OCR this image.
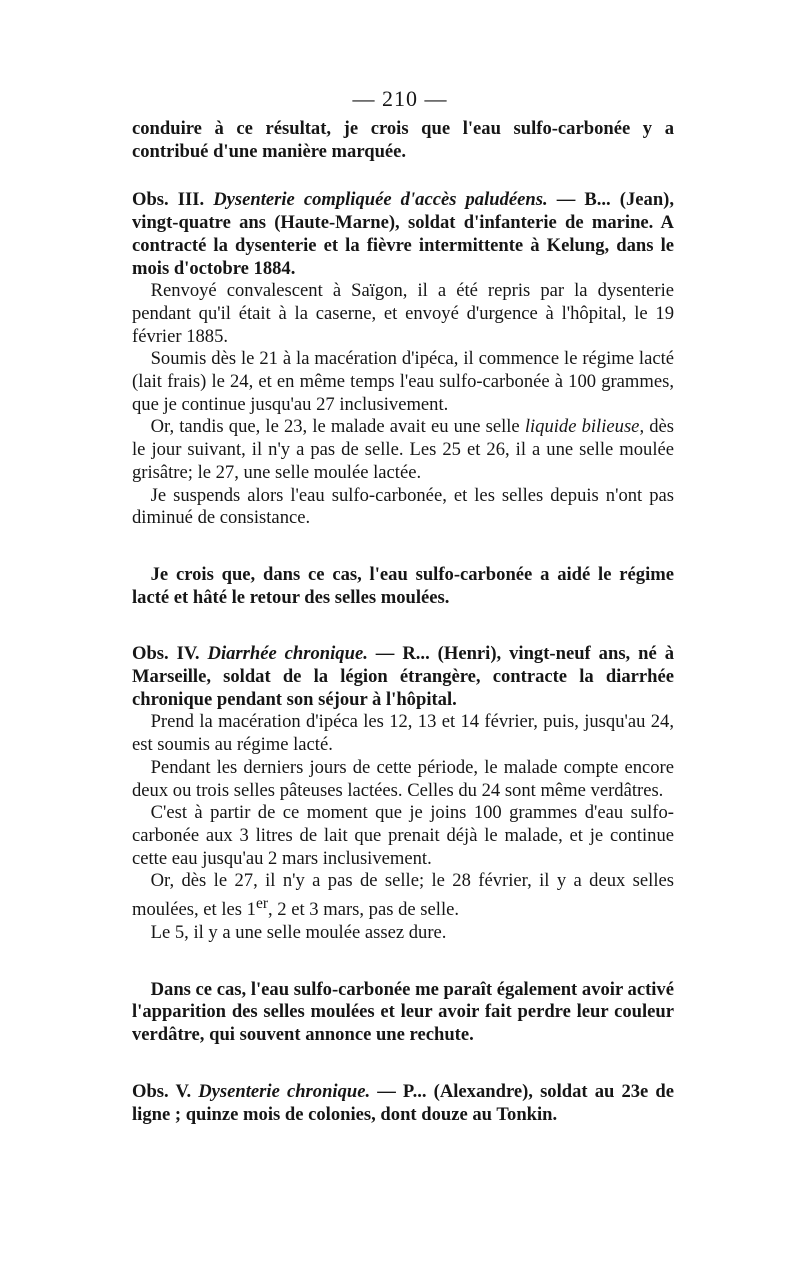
— 210 —

conduire à ce résultat, je crois que l'eau sulfo-carbonée y a contribué d'une manière marquée.

Obs. III. Dysenterie compliquée d'accès paludéens. — B... (Jean), vingt-quatre ans (Haute-Marne), soldat d'infanterie de marine. A contracté la dysenterie et la fièvre intermittente à Kelung, dans le mois d'octobre 1884.

Renvoyé convalescent à Saïgon, il a été repris par la dysenterie pendant qu'il était à la caserne, et envoyé d'urgence à l'hôpital, le 19 février 1885.

Soumis dès le 21 à la macération d'ipéca, il commence le régime lacté (lait frais) le 24, et en même temps l'eau sulfo-carbonée à 100 grammes, que je continue jusqu'au 27 inclusivement.

Or, tandis que, le 23, le malade avait eu une selle liquide bilieuse, dès le jour suivant, il n'y a pas de selle. Les 25 et 26, il a une selle moulée grisâtre; le 27, une selle moulée lactée.

Je suspends alors l'eau sulfo-carbonée, et les selles depuis n'ont pas diminué de consistance.

Je crois que, dans ce cas, l'eau sulfo-carbonée a aidé le régime lacté et hâté le retour des selles moulées.

Obs. IV. Diarrhée chronique. — R... (Henri), vingt-neuf ans, né à Marseille, soldat de la légion étrangère, contracte la diarrhée chronique pendant son séjour à l'hôpital.

Prend la macération d'ipéca les 12, 13 et 14 février, puis, jusqu'au 24, est soumis au régime lacté.

Pendant les derniers jours de cette période, le malade compte encore deux ou trois selles pâteuses lactées. Celles du 24 sont même verdâtres.

C'est à partir de ce moment que je joins 100 grammes d'eau sulfo-carbonée aux 3 litres de lait que prenait déjà le malade, et je continue cette eau jusqu'au 2 mars inclusivement.

Or, dès le 27, il n'y a pas de selle; le 28 février, il y a deux selles moulées, et les 1er, 2 et 3 mars, pas de selle.

Le 5, il y a une selle moulée assez dure.

Dans ce cas, l'eau sulfo-carbonée me paraît également avoir activé l'apparition des selles moulées et leur avoir fait perdre leur couleur verdâtre, qui souvent annonce une rechute.

Obs. V. Dysenterie chronique. — P... (Alexandre), soldat au 23e de ligne ; quinze mois de colonies, dont douze au Tonkin.
